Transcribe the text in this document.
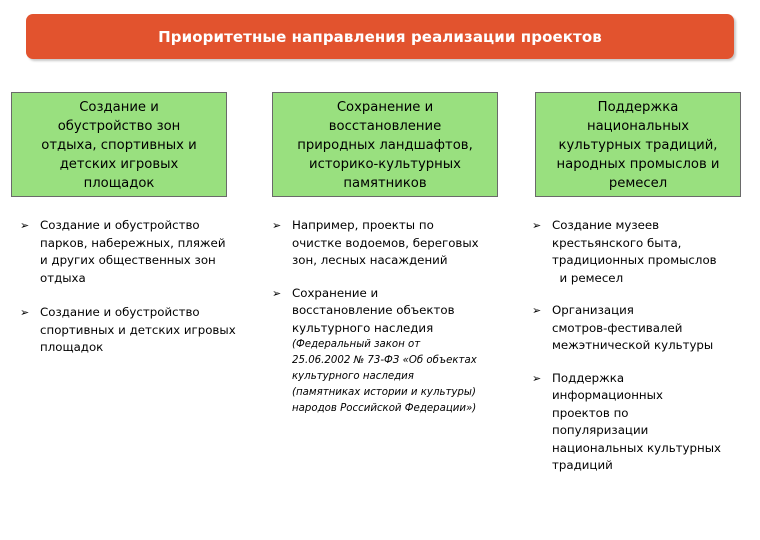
Приоритетные направления реализации проектов
Создание и
обустройство зон
отдыха, спортивных и
детских игровых
площадок
➢ Создание и обустройство
парков, набережных, пляжей
и других общественных зон
отдыха
➢ Создание и обустройство
спортивных и детских игровых
площадок
Сохранение и
восстановление
природных ландшафтов,
историко-культурных
памятников
➢ Например, проекты по
очистке водоемов, береговых
зон, лесных насаждений
➢ Сохранение и
восстановление объектов
культурного наследия
(Федеральный закон от
25.06.2002 № 73-ФЗ «Об объектах
культурного наследия
(памятниках истории и культуры)
народов Российской Федерации»)
Поддержка
национальных
культурных традиций,
народных промыслов и
ремесел
➢ Создание музеев
крестьянского быта,
традиционных промыслов
и ремесел
➢ Организация
смотров-фестивалей
межэтнической культуры
➢ Поддержка
информационных
проектов по
популяризации
национальных культурных
традиций
